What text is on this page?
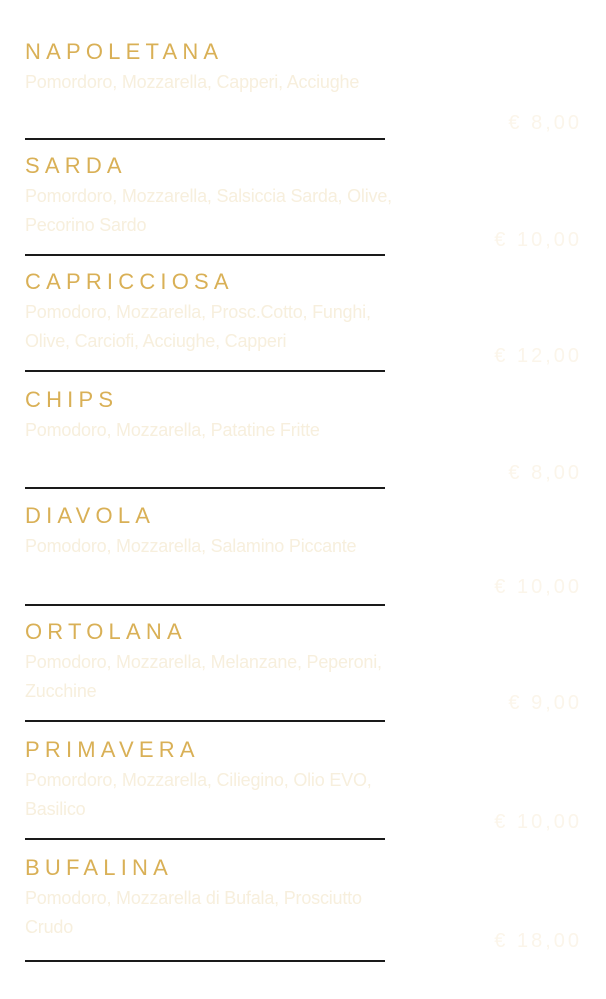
NAPOLETANA
Pomordoro, Mozzarella, Capperi, Acciughe
€ 8,00
SARDA
Pomordoro, Mozzarella, Salsiccia Sarda, Olive, Pecorino Sardo
€ 10,00
CAPRICCIOSA
Pomodoro, Mozzarella, Prosc.Cotto, Funghi, Olive, Carciofi, Acciughe, Capperi
€ 12,00
CHIPS
Pomodoro, Mozzarella, Patatine Fritte
€ 8,00
DIAVOLA
Pomodoro, Mozzarella, Salamino Piccante
€ 10,00
ORTOLANA
Pomodoro, Mozzarella, Melanzane, Peperoni, Zucchine
€ 9,00
PRIMAVERA
Pomordoro, Mozzarella, Ciliegino, Olio EVO, Basilico
€ 10,00
BUFALINA
Pomodoro, Mozzarella di Bufala, Prosciutto Crudo
€ 18,00
